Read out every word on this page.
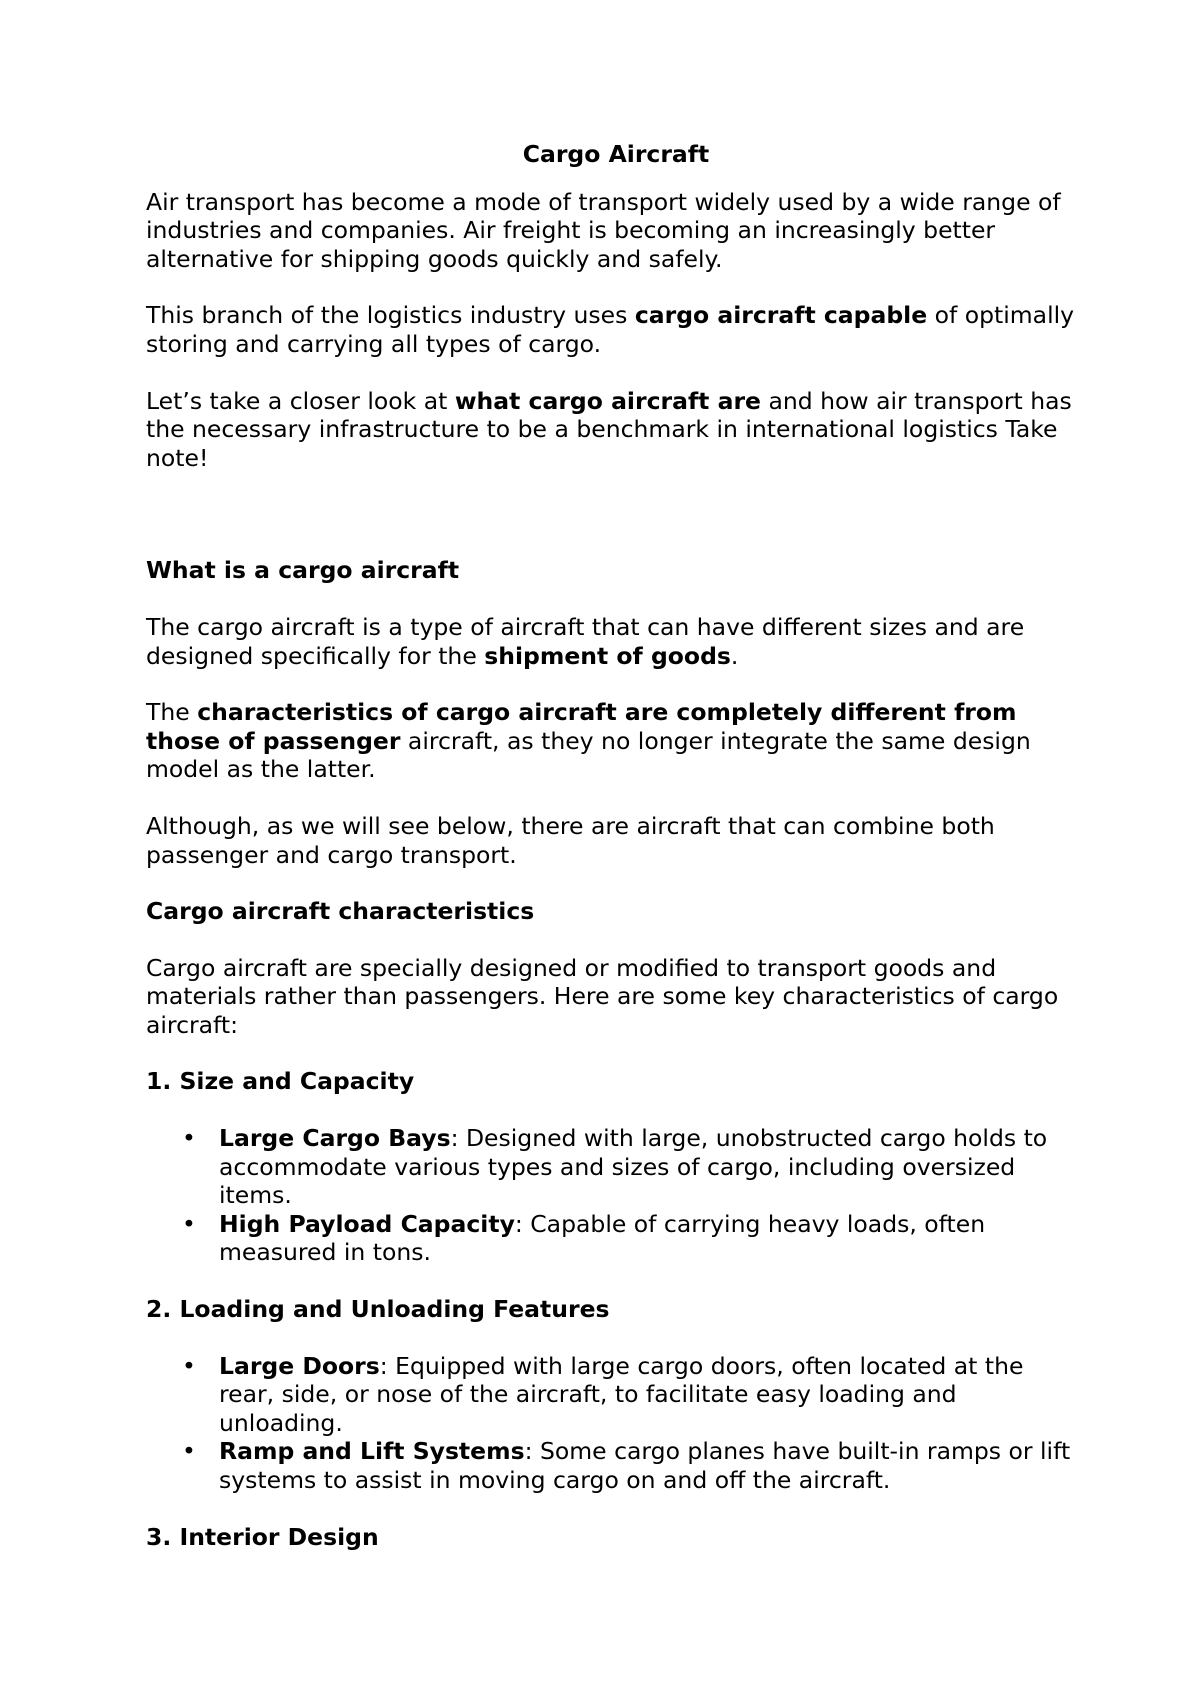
Cargo Aircraft

Air transport has become a mode of transport widely used by a wide range of industries and companies. Air freight is becoming an increasingly better alternative for shipping goods quickly and safely.

This branch of the logistics industry uses cargo aircraft capable of optimally storing and carrying all types of cargo.

Let’s take a closer look at what cargo aircraft are and how air transport has the necessary infrastructure to be a benchmark in international logistics Take note!

What is a cargo aircraft

The cargo aircraft is a type of aircraft that can have different sizes and are designed specifically for the shipment of goods.

The characteristics of cargo aircraft are completely different from those of passenger aircraft, as they no longer integrate the same design model as the latter.

Although, as we will see below, there are aircraft that can combine both passenger and cargo transport.

Cargo aircraft characteristics

Cargo aircraft are specially designed or modified to transport goods and materials rather than passengers. Here are some key characteristics of cargo aircraft:

1. Size and Capacity
• Large Cargo Bays: Designed with large, unobstructed cargo holds to accommodate various types and sizes of cargo, including oversized items.
• High Payload Capacity: Capable of carrying heavy loads, often measured in tons.
2. Loading and Unloading Features
• Large Doors: Equipped with large cargo doors, often located at the rear, side, or nose of the aircraft, to facilitate easy loading and unloading.
• Ramp and Lift Systems: Some cargo planes have built-in ramps or lift systems to assist in moving cargo on and off the aircraft.
3. Interior Design
